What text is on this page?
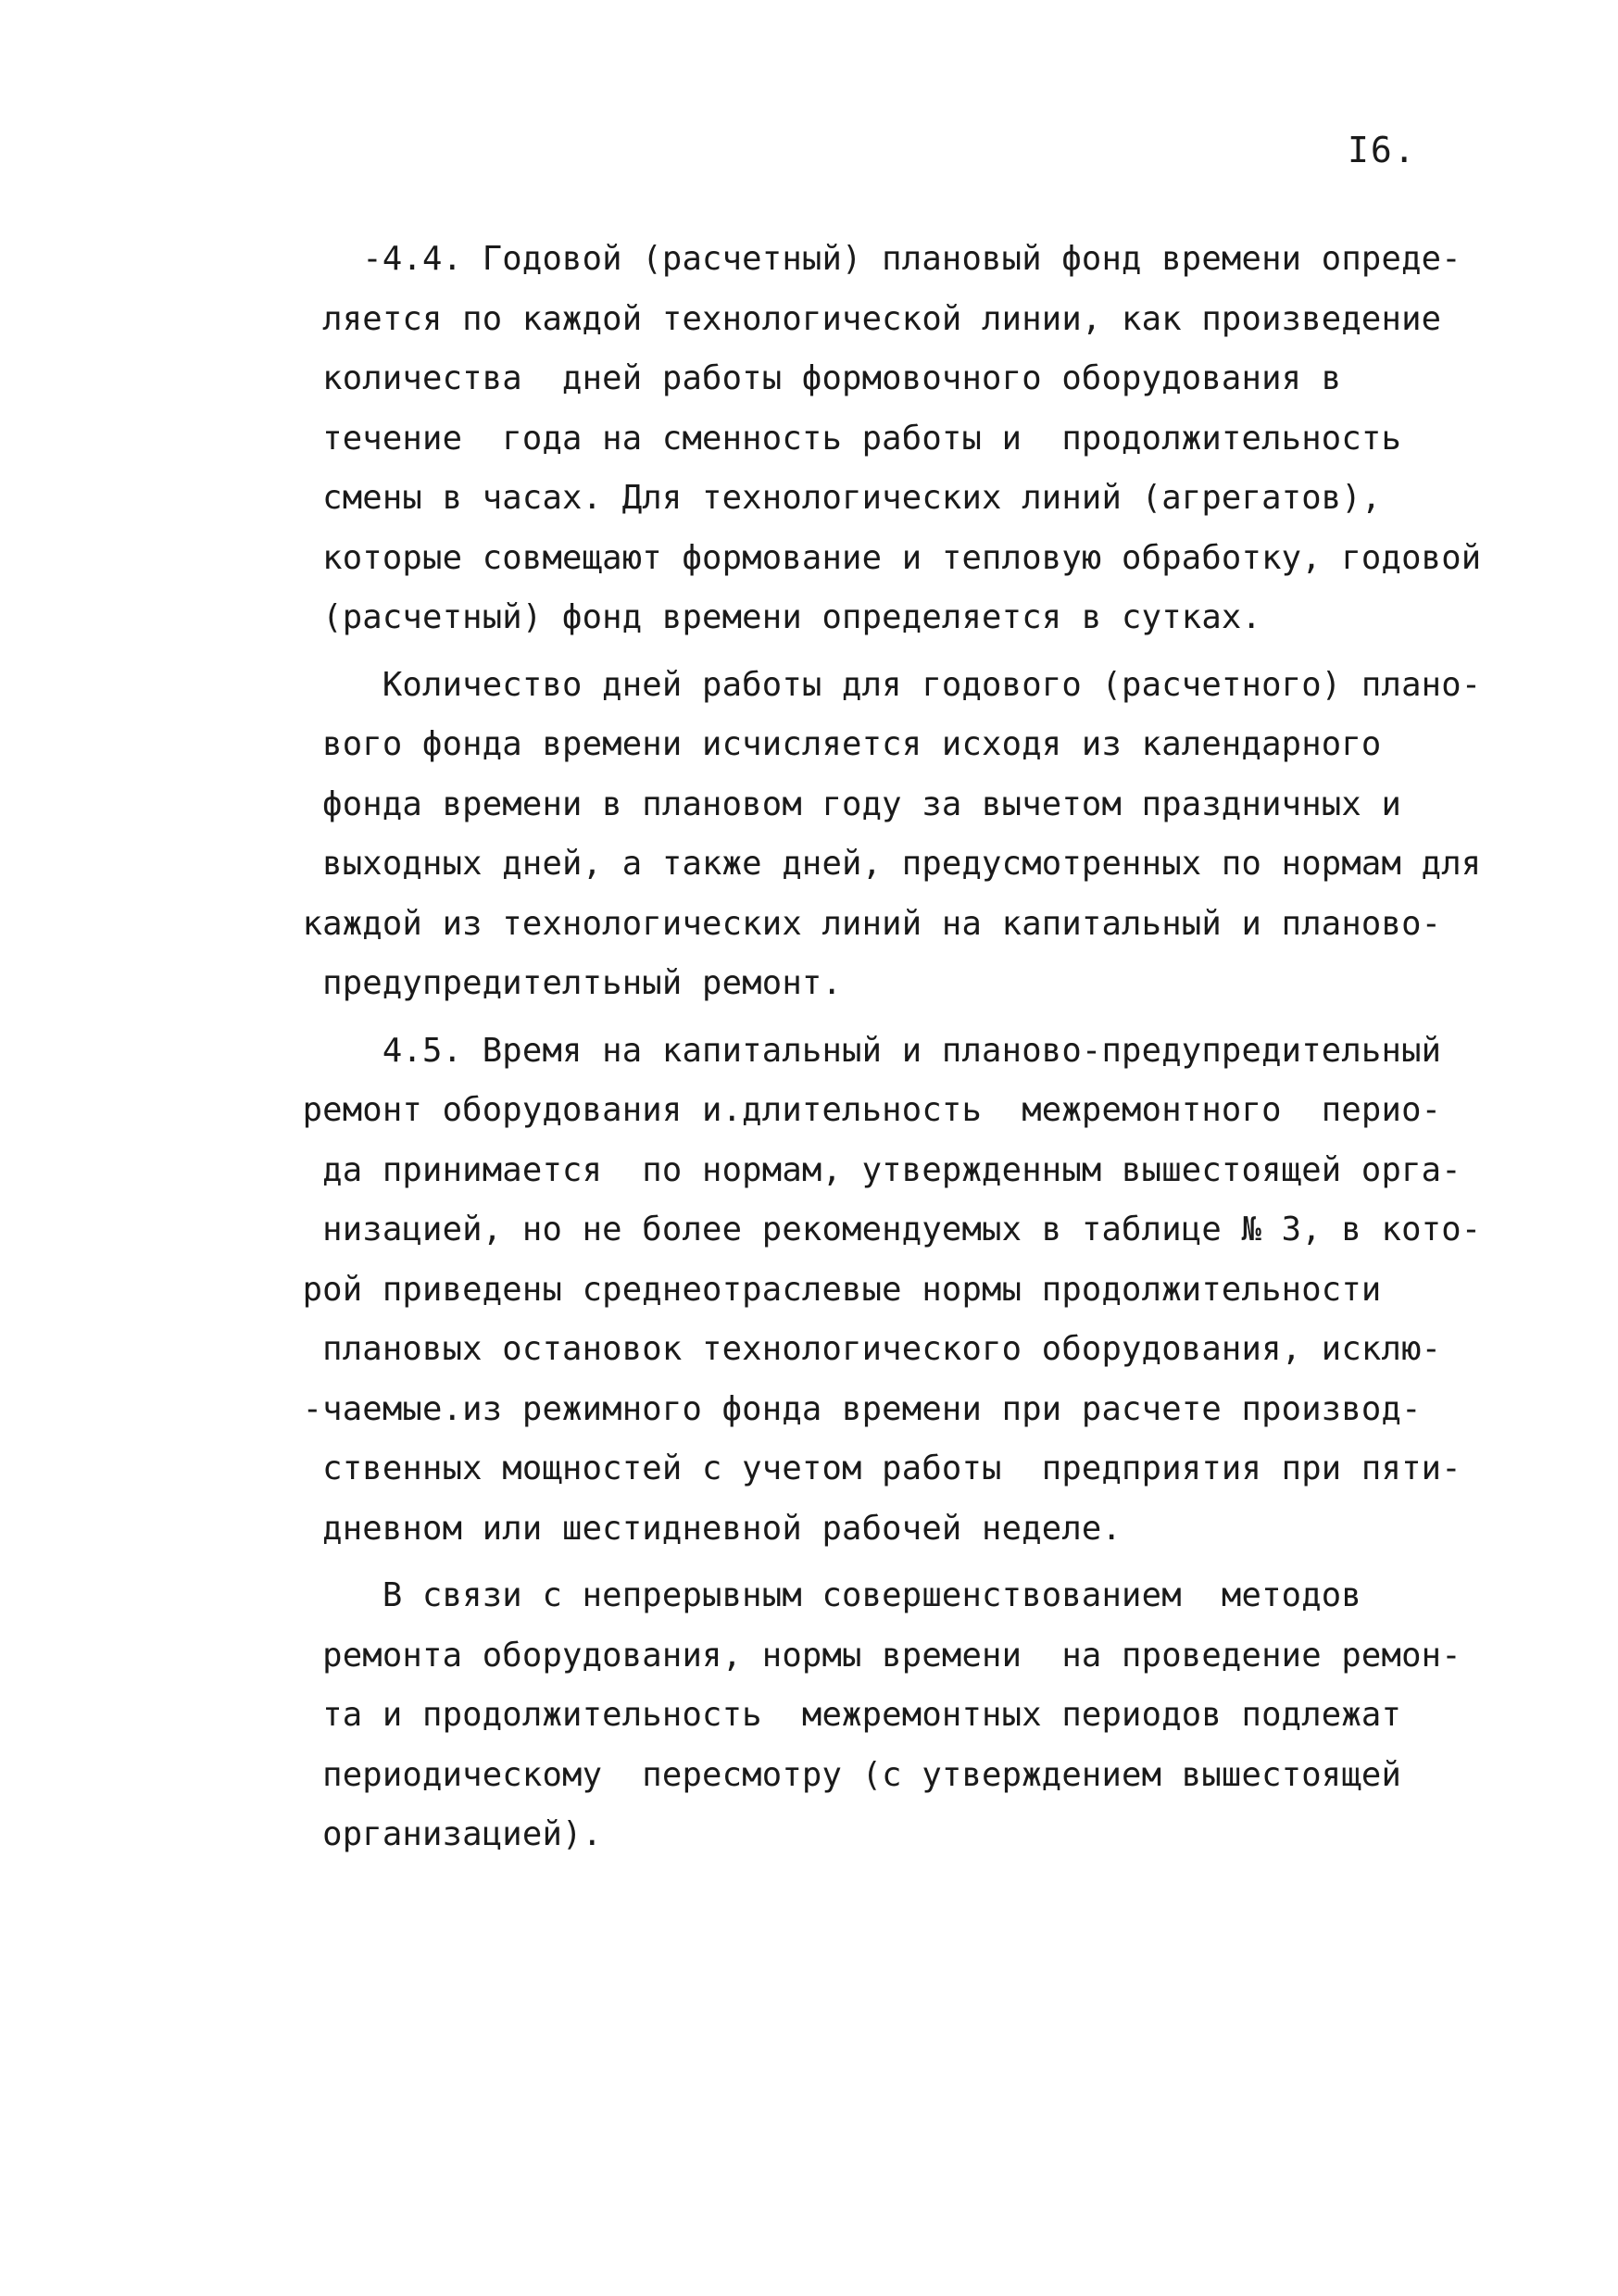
I6.
-4.4. Годовой (расчетный) плановый фонд времени опреде-
ляется по каждой технологической линии, как произведение
количества  дней работы формовочного оборудования в
течение  года на сменность работы и  продолжительность
смены в часах. Для технологических линий (агрегатов),
которые совмещают формование и тепловую обработку, годовой
(расчетный) фонд времени определяется в сутках.
Количество дней работы для годового (расчетного) плано-
вого фонда времени исчисляется исходя из календарного
фонда времени в плановом году за вычетом праздничных и
выходных дней, а также дней, предусмотренных по нормам для
каждой из технологических линий на капитальный и планово-
предупредителтьный ремонт.
4.5. Время на капитальный и планово-предупредительный
ремонт оборудования и.длительность  межремонтного  перио-
да принимается  по нормам, утвержденным вышестоящей орга-
низацией, но не более рекомендуемых в таблице № 3, в кото-
рой приведены среднеотраслевые нормы продолжительности
плановых остановок технологического оборудования, исклю-
-чаемые.из режимного фонда времени при расчете производ-
ственных мощностей с учетом работы  предприятия при пяти-
дневном или шестидневной рабочей неделе.
В связи с непрерывным совершенствованием  методов
ремонта оборудования, нормы времени  на проведение ремон-
та и продолжительность  межремонтных периодов подлежат
периодическому  пересмотру (с утверждением вышестоящей
организацией).
